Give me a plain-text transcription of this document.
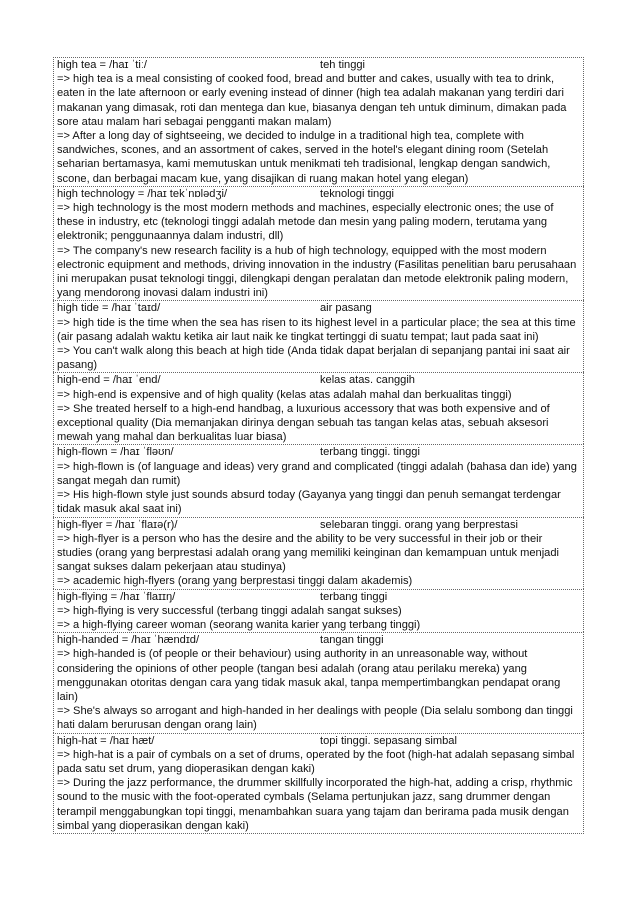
high tea = /haɪ ˈtiː/	teh tinggi
=> high tea is a meal consisting of cooked food, bread and butter and cakes, usually with tea to drink, eaten in the late afternoon or early evening instead of dinner (high tea adalah makanan yang terdiri dari makanan yang dimasak, roti dan mentega dan kue, biasanya dengan teh untuk diminum, dimakan pada sore atau malam hari sebagai pengganti makan malam)
=> After a long day of sightseeing, we decided to indulge in a traditional high tea, complete with sandwiches, scones, and an assortment of cakes, served in the hotel's elegant dining room (Setelah seharian bertamasya, kami memutuskan untuk menikmati teh tradisional, lengkap dengan sandwich, scone, dan berbagai macam kue, yang disajikan di ruang makan hotel yang elegan)
high technology = /haɪ tekˈnɒlədʒi/	teknologi tinggi
=> high technology is the most modern methods and machines, especially electronic ones; the use of these in industry, etc (teknologi tinggi adalah metode dan mesin yang paling modern, terutama yang elektronik; penggunaannya dalam industri, dll)
=> The company's new research facility is a hub of high technology, equipped with the most modern electronic equipment and methods, driving innovation in the industry (Fasilitas penelitian baru perusahaan ini merupakan pusat teknologi tinggi, dilengkapi dengan peralatan dan metode elektronik paling modern, yang mendorong inovasi dalam industri ini)
high tide = /haɪ ˈtaɪd/	air pasang
=> high tide is the time when the sea has risen to its highest level in a particular place; the sea at this time (air pasang adalah waktu ketika air laut naik ke tingkat tertinggi di suatu tempat; laut pada saat ini)
=> You can't walk along this beach at high tide (Anda tidak dapat berjalan di sepanjang pantai ini saat air pasang)
high-end = /haɪ ˈend/	kelas atas. canggih
=> high-end is expensive and of high quality (kelas atas adalah mahal dan berkualitas tinggi)
=> She treated herself to a high-end handbag, a luxurious accessory that was both expensive and of exceptional quality (Dia memanjakan dirinya dengan sebuah tas tangan kelas atas, sebuah aksesori mewah yang mahal dan berkualitas luar biasa)
high-flown = /haɪ ˈfləʊn/	terbang tinggi. tinggi
=> high-flown is (of language and ideas) very grand and complicated (tinggi adalah (bahasa dan ide) yang sangat megah dan rumit)
=> His high-flown style just sounds absurd today (Gayanya yang tinggi dan penuh semangat terdengar tidak masuk akal saat ini)
high-flyer = /haɪ ˈflaɪə(r)/	selebaran tinggi. orang yang berprestasi
=> high-flyer is a person who has the desire and the ability to be very successful in their job or their studies (orang yang berprestasi adalah orang yang memiliki keinginan dan kemampuan untuk menjadi sangat sukses dalam pekerjaan atau studinya)
=> academic high-flyers (orang yang berprestasi tinggi dalam akademis)
high-flying = /haɪ ˈflaɪɪŋ/	terbang tinggi
=> high-flying is very successful (terbang tinggi adalah sangat sukses)
=> a high-flying career woman (seorang wanita karier yang terbang tinggi)
high-handed = /haɪ ˈhændɪd/	tangan tinggi
=> high-handed is (of people or their behaviour) using authority in an unreasonable way, without considering the opinions of other people (tangan besi adalah (orang atau perilaku mereka) yang menggunakan otoritas dengan cara yang tidak masuk akal, tanpa mempertimbangkan pendapat orang lain)
=> She's always so arrogant and high-handed in her dealings with people (Dia selalu sombong dan tinggi hati dalam berurusan dengan orang lain)
high-hat = /haɪ hæt/	topi tinggi. sepasang simbal
=> high-hat is a pair of cymbals on a set of drums, operated by the foot (high-hat adalah sepasang simbal pada satu set drum, yang dioperasikan dengan kaki)
=> During the jazz performance, the drummer skillfully incorporated the high-hat, adding a crisp, rhythmic sound to the music with the foot-operated cymbals (Selama pertunjukan jazz, sang drummer dengan terampil menggabungkan topi tinggi, menambahkan suara yang tajam dan berirama pada musik dengan simbal yang dioperasikan dengan kaki)
